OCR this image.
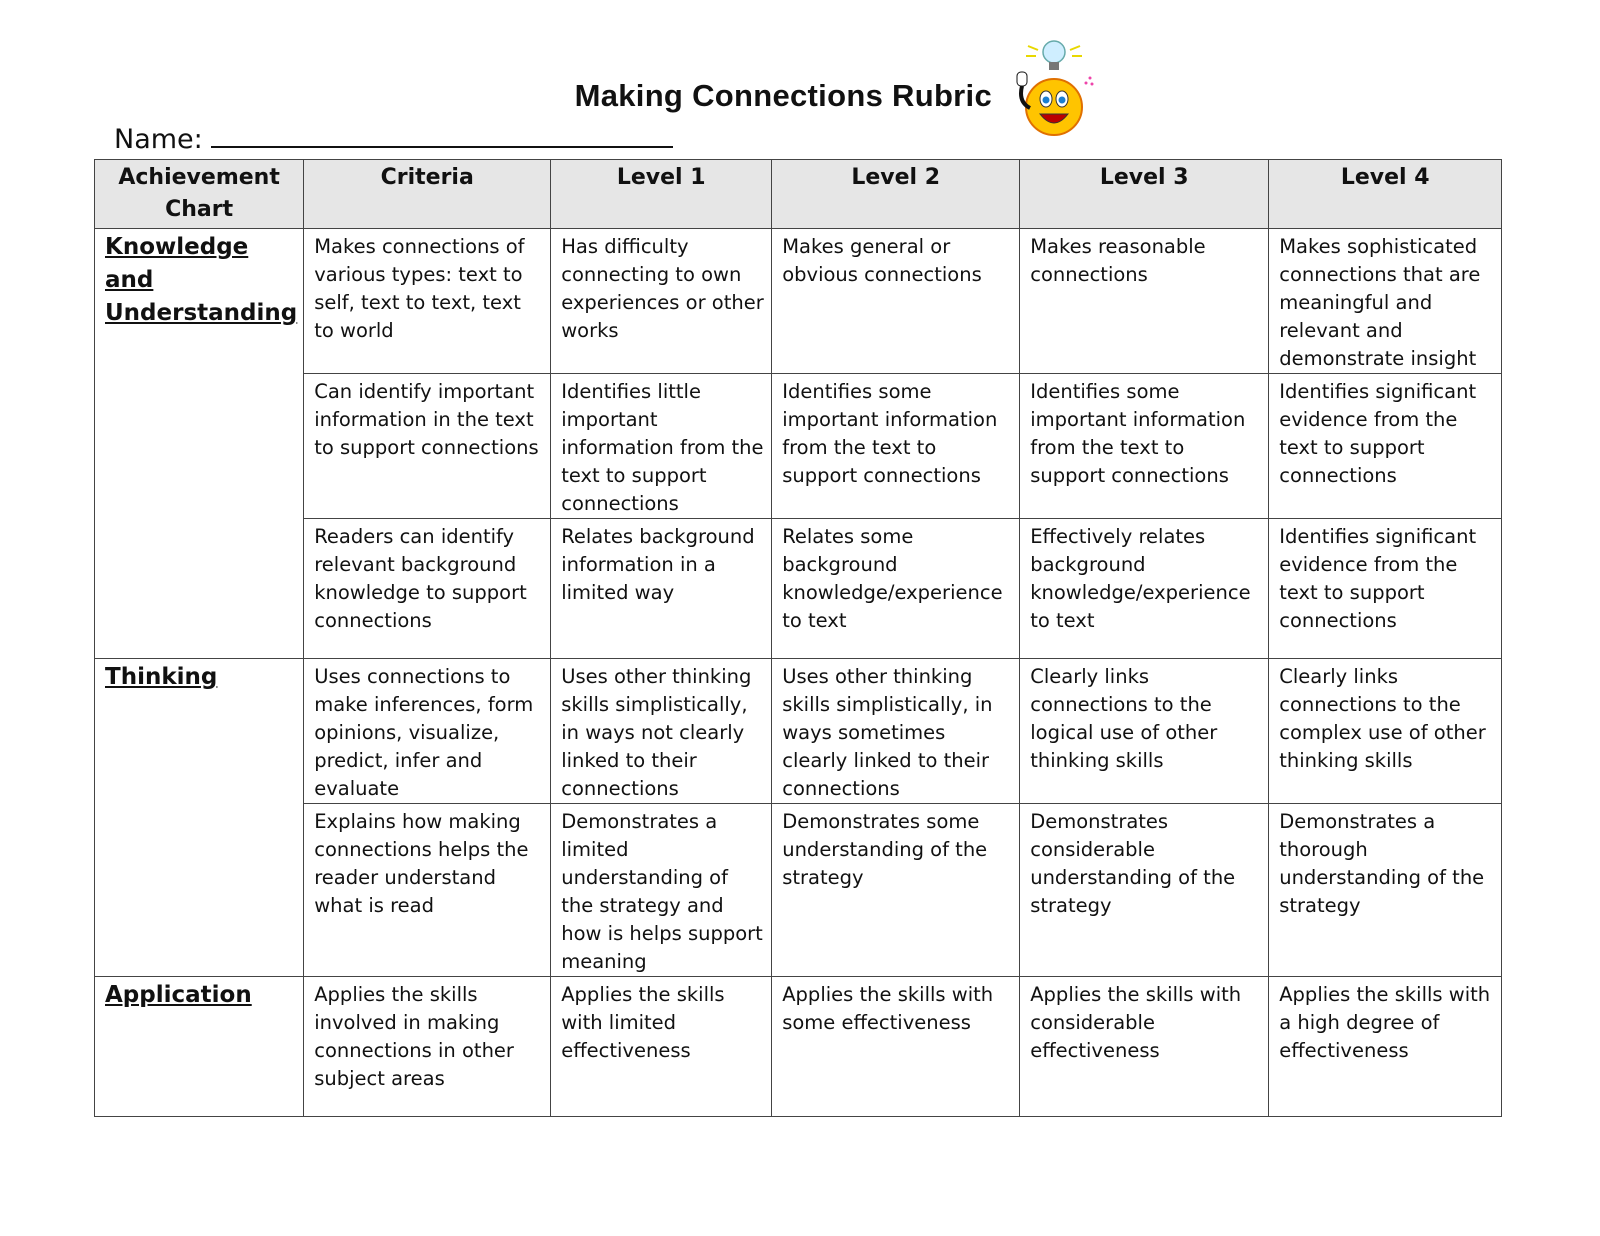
Making Connections Rubric
Name:
Achievement Chart	Criteria	Level 1	Level 2	Level 3	Level 4
Knowledge and Understanding	Makes connections of various types: text to self, text to text, text to world	Has difficulty connecting to own experiences or other works	Makes general or obvious connections	Makes reasonable connections	Makes sophisticated connections that are meaningful and relevant and demonstrate insight
	Can identify important information in the text to support connections	Identifies little important information from the text to support connections	Identifies some important information from the text to support connections	Identifies some important information from the text to support connections	Identifies significant evidence from the text to support connections
	Readers can identify relevant background knowledge to support connections	Relates background information in a limited way	Relates some background knowledge/experience to text	Effectively relates background knowledge/experience to text	Identifies significant evidence from the text to support connections
Thinking	Uses connections to make inferences, form opinions, visualize, predict, infer and evaluate	Uses other thinking skills simplistically, in ways not clearly linked to their connections	Uses other thinking skills simplistically, in ways sometimes clearly linked to their connections	Clearly links connections to the logical use of other thinking skills	Clearly links connections to the complex use of other thinking skills
	Explains how making connections helps the reader understand what is read	Demonstrates a limited understanding of the strategy and how is helps support meaning	Demonstrates some understanding of the strategy	Demonstrates considerable understanding of the strategy	Demonstrates a thorough understanding of the strategy
Application	Applies the skills involved in making connections in other subject areas	Applies the skills with limited effectiveness	Applies the skills with some effectiveness	Applies the skills with considerable effectiveness	Applies the skills with a high degree of effectiveness
